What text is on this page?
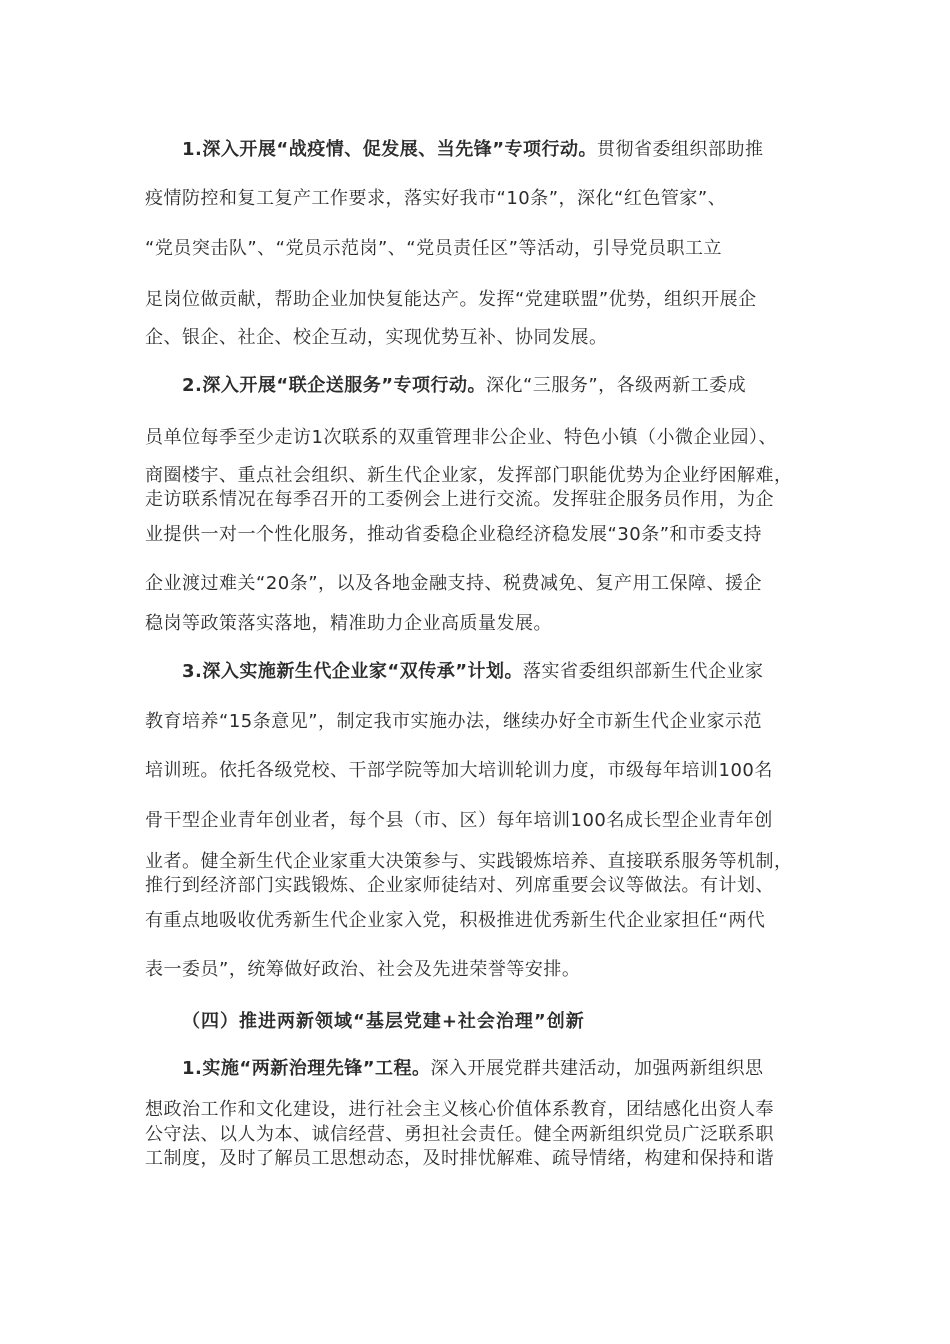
1.深入开展“战疫情、促发展、当先锋”专项行动。贯彻省委组织部助推
疫情防控和复工复产工作要求，落实好我市“10条”，深化“红色管家”、
“党员突击队”、“党员示范岗”、“党员责任区”等活动，引导党员职工立
足岗位做贡献，帮助企业加快复能达产。发挥“党建联盟”优势，组织开展企
企、银企、社企、校企互动，实现优势互补、协同发展。
2.深入开展“联企送服务”专项行动。深化“三服务”，各级两新工委成
员单位每季至少走访1次联系的双重管理非公企业、特色小镇（小微企业园）、
商圈楼宇、重点社会组织、新生代企业家，发挥部门职能优势为企业纾困解难，
走访联系情况在每季召开的工委例会上进行交流。发挥驻企服务员作用，为企
业提供一对一个性化服务，推动省委稳企业稳经济稳发展“30条”和市委支持
企业渡过难关“20条”，以及各地金融支持、税费减免、复产用工保障、援企
稳岗等政策落实落地，精准助力企业高质量发展。
3.深入实施新生代企业家“双传承”计划。落实省委组织部新生代企业家
教育培养“15条意见”，制定我市实施办法，继续办好全市新生代企业家示范
培训班。依托各级党校、干部学院等加大培训轮训力度，市级每年培训100名
骨干型企业青年创业者，每个县（市、区）每年培训100名成长型企业青年创
业者。健全新生代企业家重大决策参与、实践锻炼培养、直接联系服务等机制，
推行到经济部门实践锻炼、企业家师徒结对、列席重要会议等做法。有计划、
有重点地吸收优秀新生代企业家入党，积极推进优秀新生代企业家担任“两代
表一委员”，统筹做好政治、社会及先进荣誉等安排。
（四）推进两新领域“基层党建+社会治理”创新
1.实施“两新治理先锋”工程。深入开展党群共建活动，加强两新组织思
想政治工作和文化建设，进行社会主义核心价值体系教育，团结感化出资人奉
公守法、以人为本、诚信经营、勇担社会责任。健全两新组织党员广泛联系职
工制度，及时了解员工思想动态，及时排忧解难、疏导情绪，构建和保持和谐
